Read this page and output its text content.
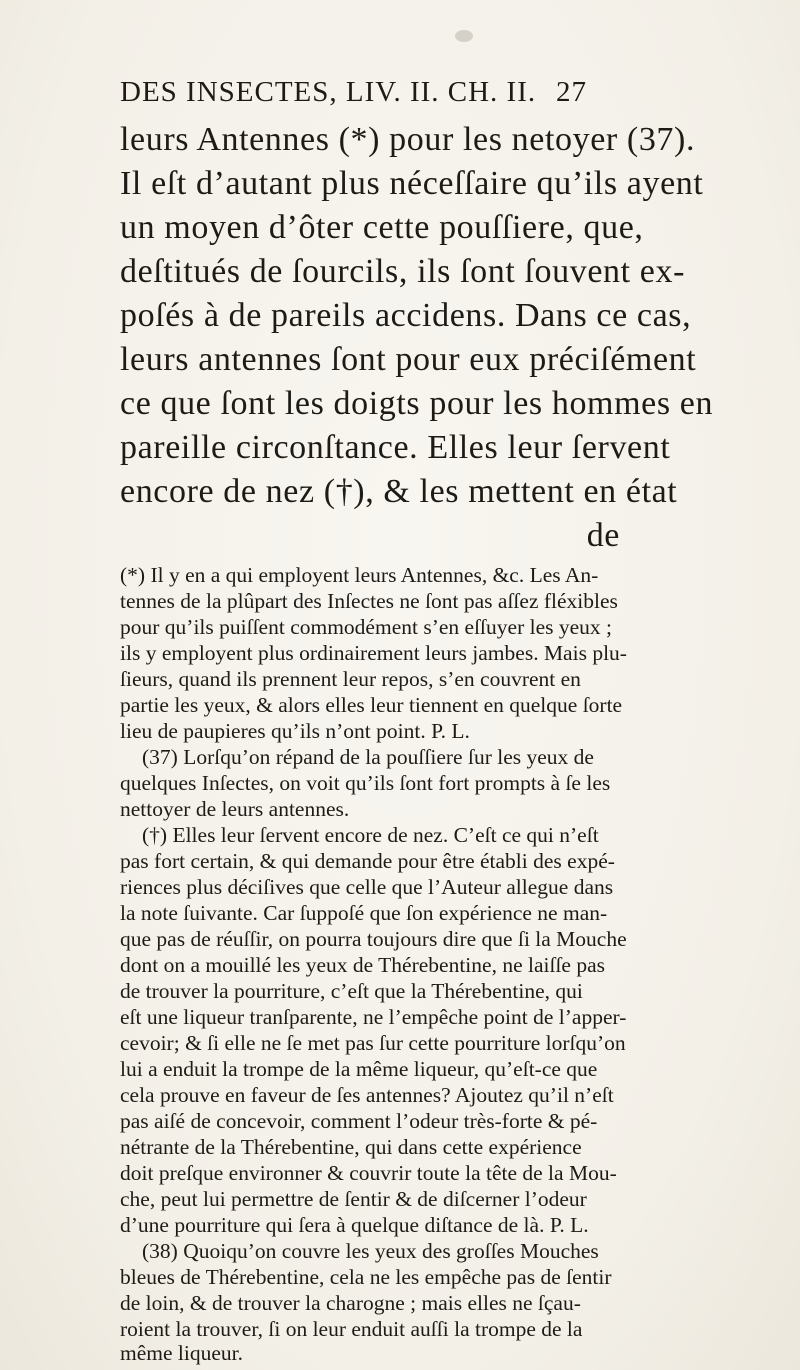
DES INSECTES, LIV. II. CH. II. 27
leurs Antennes (*) pour les netoyer (37).
Il eſt d’autant plus néceſſaire qu’ils ayent
un moyen d’ôter cette pouſſiere, que,
deſtitués de ſourcils, ils ſont ſouvent ex-
poſés à de pareils accidens. Dans ce cas,
leurs antennes ſont pour eux préciſément
ce que ſont les doigts pour les hommes en
pareille circonſtance. Elles leur ſervent
encore de nez (†), & les mettent en état
de
(*) Il y en a qui employent leurs Antennes, &c. Les An-
tennes de la plûpart des Inſectes ne ſont pas aſſez fléxibles
pour qu’ils puiſſent commodément s’en eſſuyer les yeux ;
ils y employent plus ordinairement leurs jambes. Mais plu-
ſieurs, quand ils prennent leur repos, s’en couvrent en
partie les yeux, & alors elles leur tiennent en quelque ſorte
lieu de paupieres qu’ils n’ont point. P. L.
(37) Lorſqu’on répand de la pouſſiere ſur les yeux de
quelques Inſectes, on voit qu’ils ſont fort prompts à ſe les
nettoyer de leurs antennes.
(†) Elles leur ſervent encore de nez. C’eſt ce qui n’eſt
pas fort certain, & qui demande pour être établi des expé-
riences plus déciſives que celle que l’Auteur allegue dans
la note ſuivante. Car ſuppoſé que ſon expérience ne man-
que pas de réuſſir, on pourra toujours dire que ſi la Mouche
dont on a mouillé les yeux de Thérebentine, ne laiſſe pas
de trouver la pourriture, c’eſt que la Thérebentine, qui
eſt une liqueur tranſparente, ne l’empêche point de l’apper-
cevoir; & ſi elle ne ſe met pas ſur cette pourriture lorſqu’on
lui a enduit la trompe de la même liqueur, qu’eſt-ce que
cela prouve en faveur de ſes antennes? Ajoutez qu’il n’eſt
pas aiſé de concevoir, comment l’odeur très-forte & pé-
nétrante de la Thérebentine, qui dans cette expérience
doit preſque environner & couvrir toute la tête de la Mou-
che, peut lui permettre de ſentir & de diſcerner l’odeur
d’une pourriture qui ſera à quelque diſtance de là. P. L.
(38) Quoiqu’on couvre les yeux des groſſes Mouches
bleues de Thérebentine, cela ne les empêche pas de ſentir
de loin, & de trouver la charogne ; mais elles ne ſçau-
roient la trouver, ſi on leur enduit auſſi la trompe de la
même liqueur.
